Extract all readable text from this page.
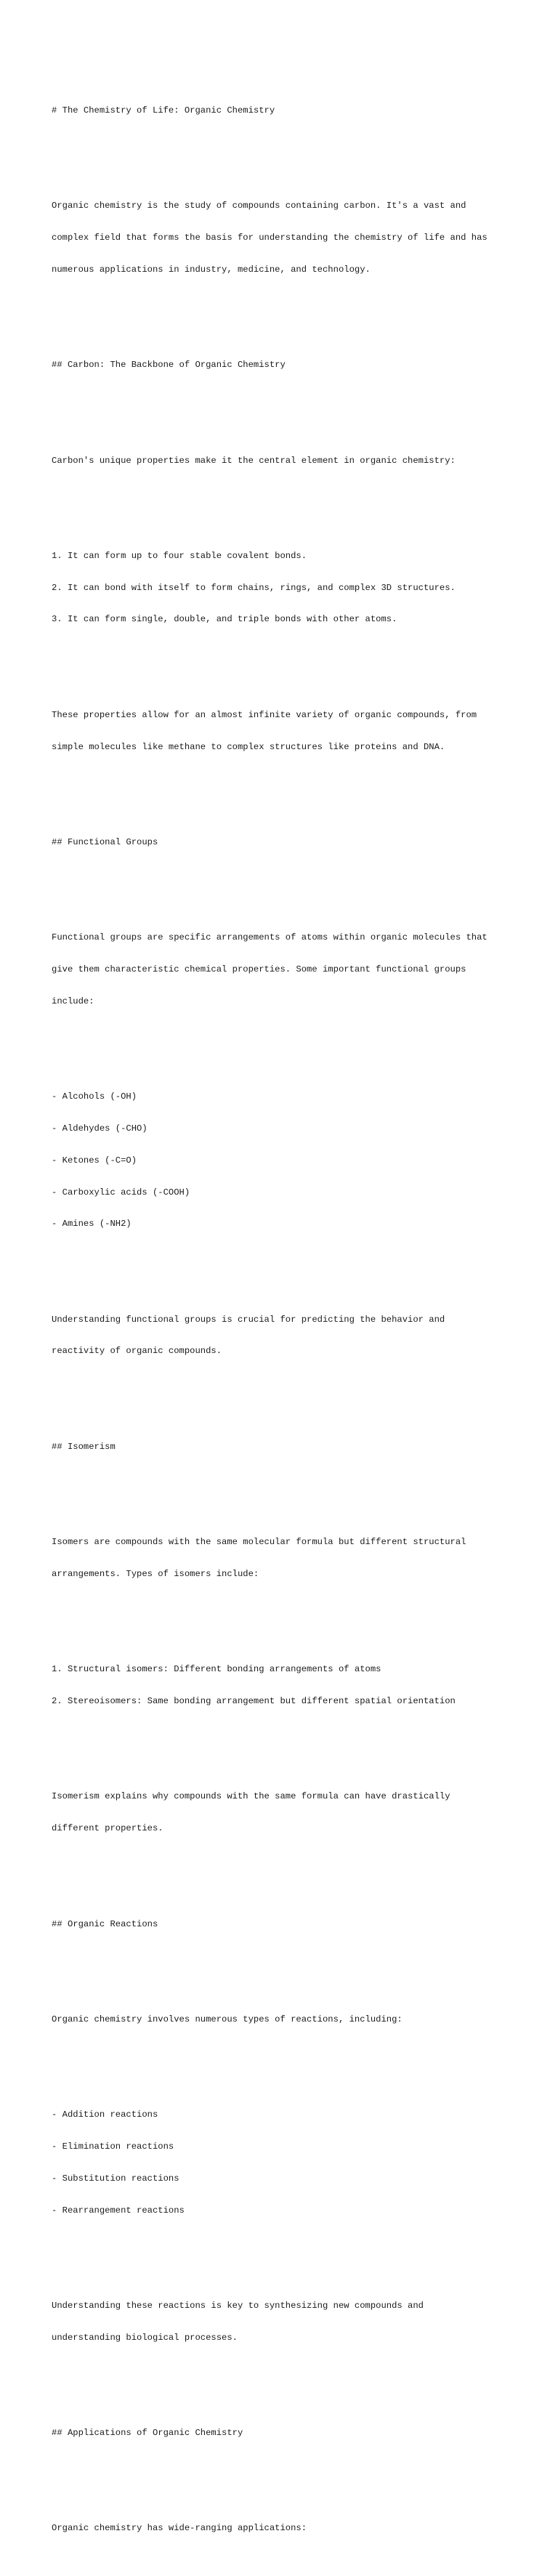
# The Chemistry of Life: Organic Chemistry

Organic chemistry is the study of compounds containing carbon. It's a vast and

complex field that forms the basis for understanding the chemistry of life and has

numerous applications in industry, medicine, and technology.

## Carbon: The Backbone of Organic Chemistry

Carbon's unique properties make it the central element in organic chemistry:

1. It can form up to four stable covalent bonds.

2. It can bond with itself to form chains, rings, and complex 3D structures.

3. It can form single, double, and triple bonds with other atoms.

These properties allow for an almost infinite variety of organic compounds, from

simple molecules like methane to complex structures like proteins and DNA.

## Functional Groups

Functional groups are specific arrangements of atoms within organic molecules that

give them characteristic chemical properties. Some important functional groups

include:

- Alcohols (-OH)

- Aldehydes (-CHO)

- Ketones (-C=O)

- Carboxylic acids (-COOH)

- Amines (-NH2)

Understanding functional groups is crucial for predicting the behavior and

reactivity of organic compounds.

## Isomerism

Isomers are compounds with the same molecular formula but different structural

arrangements. Types of isomers include:

1. Structural isomers: Different bonding arrangements of atoms

2. Stereoisomers: Same bonding arrangement but different spatial orientation

Isomerism explains why compounds with the same formula can have drastically

different properties.

## Organic Reactions

Organic chemistry involves numerous types of reactions, including:

- Addition reactions

- Elimination reactions

- Substitution reactions

- Rearrangement reactions

Understanding these reactions is key to synthesizing new compounds and

understanding biological processes.

## Applications of Organic Chemistry

Organic chemistry has wide-ranging applications:
